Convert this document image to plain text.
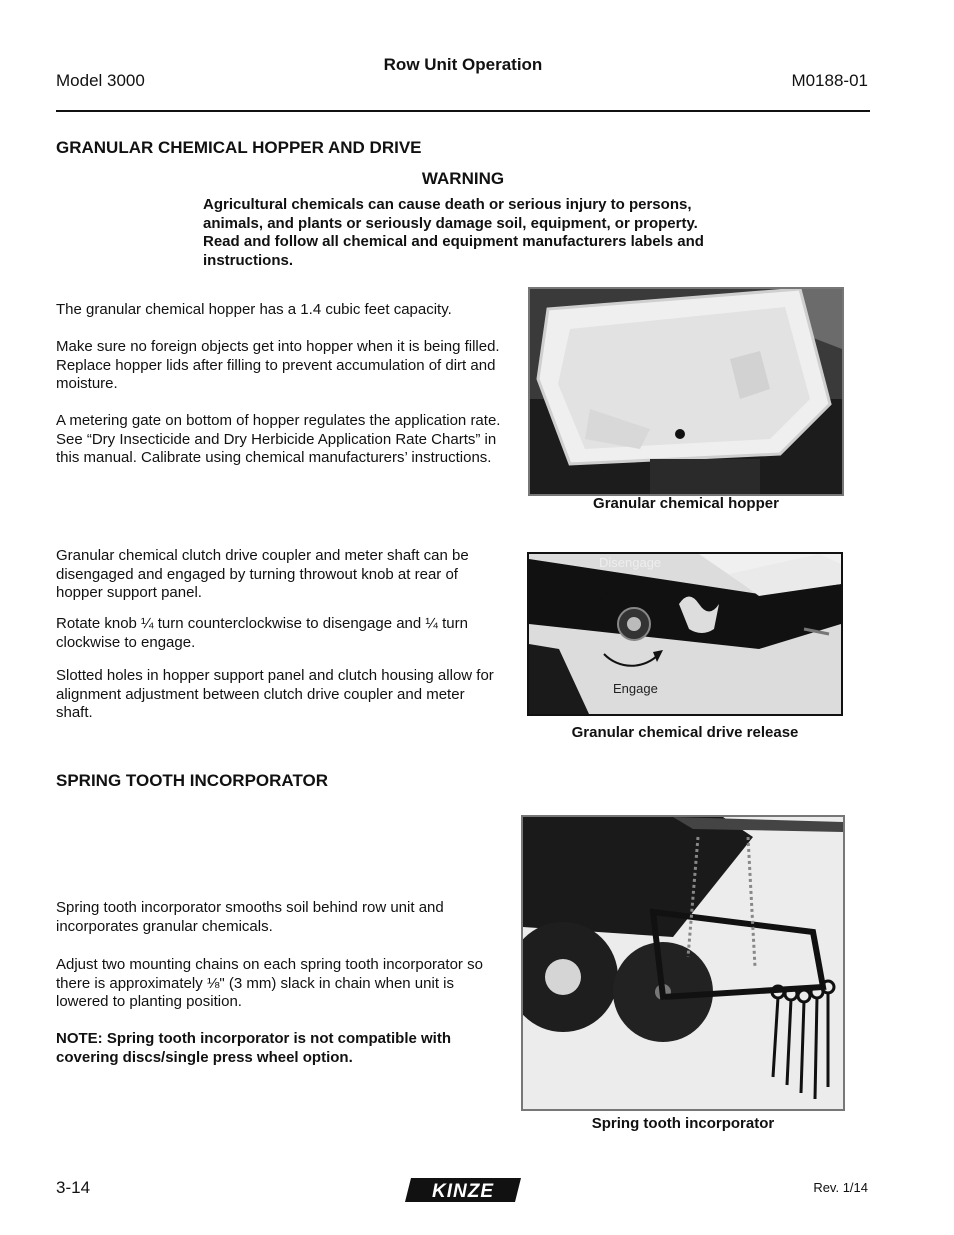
Row Unit Operation
Model 3000	M0188-01
GRANULAR CHEMICAL HOPPER AND DRIVE
WARNING
Agricultural chemicals can cause death or serious injury to persons, animals, and plants or seriously damage soil, equipment, or property. Read and follow all chemical and equipment manufacturers labels and instructions.
The granular chemical hopper has a 1.4 cubic feet capacity.
Make sure no foreign objects get into hopper when it is being filled. Replace hopper lids after filling to prevent accumulation of dirt and moisture.
A metering gate on bottom of hopper regulates the application rate. See “Dry Insecticide and Dry Herbicide Application Rate Charts” in this manual. Calibrate using chemical manufacturers’ instructions.
Granular chemical hopper
Granular chemical clutch drive coupler and meter shaft can be disengaged and engaged by turning throwout knob at rear of hopper support panel.
Rotate knob ¼ turn counterclockwise to disengage and ¼ turn clockwise to engage.
Slotted holes in hopper support panel and clutch housing allow for alignment adjustment between clutch drive coupler and meter shaft.
Disengage
Engage
Granular chemical drive release
SPRING TOOTH INCORPORATOR
Spring tooth incorporator smooths soil behind row unit and incorporates granular chemicals.
Adjust two mounting chains on each spring tooth incorporator so there is approximately ⅛" (3 mm) slack in chain when unit is lowered to planting position.
NOTE: Spring tooth incorporator is not compatible with covering discs/single press wheel option.
Spring tooth incorporator
3-14	KINZE	Rev. 1/14
